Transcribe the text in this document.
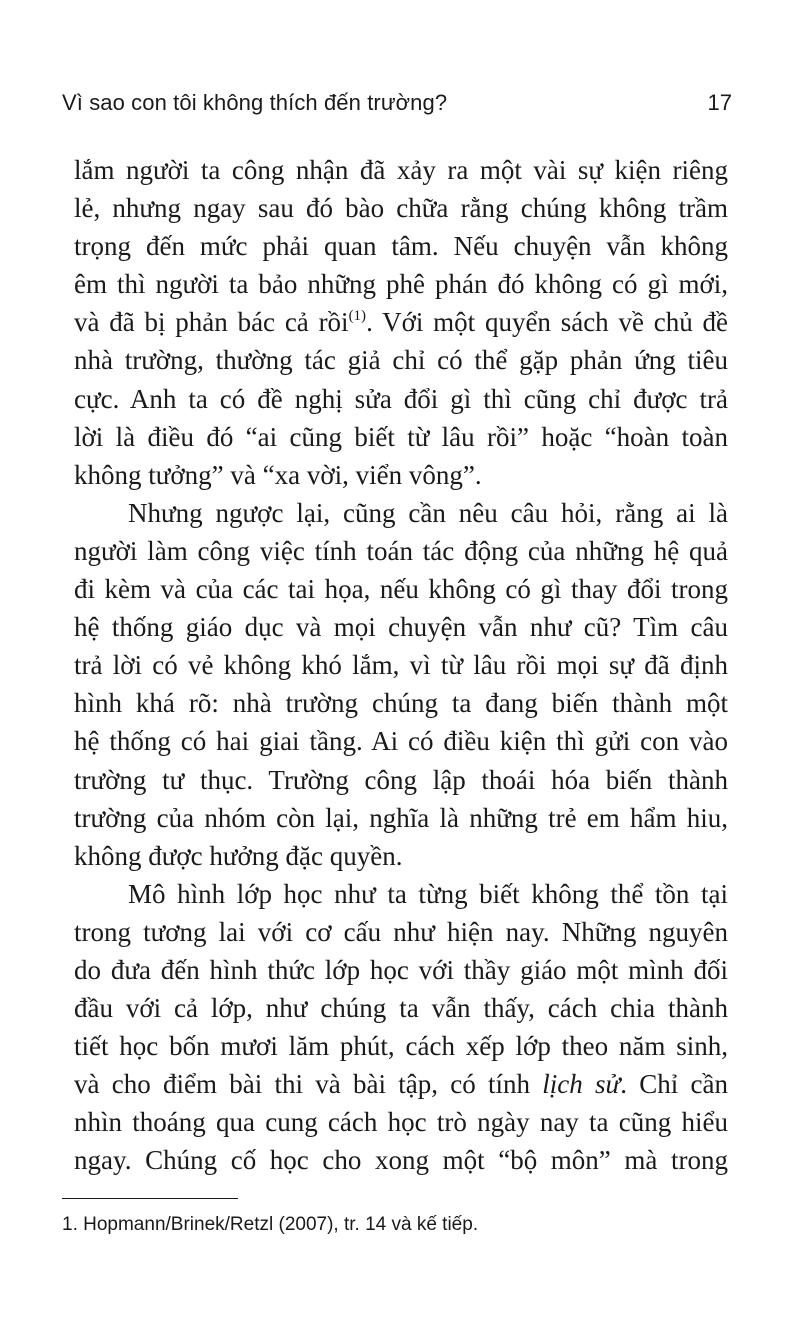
Vì sao con tôi không thích đến trường?	17
lắm người ta công nhận đã xảy ra một vài sự kiện riêng
lẻ, nhưng ngay sau đó bào chữa rằng chúng không trầm
trọng đến mức phải quan tâm. Nếu chuyện vẫn không
êm thì người ta bảo những phê phán đó không có gì mới,
và đã bị phản bác cả rồi$^{(1)}$. Với một quyển sách về chủ đề
nhà trường, thường tác giả chỉ có thể gặp phản ứng tiêu
cực. Anh ta có đề nghị sửa đổi gì thì cũng chỉ được trả
lời là điều đó “ai cũng biết từ lâu rồi” hoặc “hoàn toàn
không tưởng” và “xa vời, viển vông”.
Nhưng ngược lại, cũng cần nêu câu hỏi, rằng ai là
người làm công việc tính toán tác động của những hệ quả
đi kèm và của các tai họa, nếu không có gì thay đổi trong
hệ thống giáo dục và mọi chuyện vẫn như cũ? Tìm câu
trả lời có vẻ không khó lắm, vì từ lâu rồi mọi sự đã định
hình khá rõ: nhà trường chúng ta đang biến thành một
hệ thống có hai giai tầng. Ai có điều kiện thì gửi con vào
trường tư thục. Trường công lập thoái hóa biến thành
trường của nhóm còn lại, nghĩa là những trẻ em hẩm hiu,
không được hưởng đặc quyền.
Mô hình lớp học như ta từng biết không thể tồn tại
trong tương lai với cơ cấu như hiện nay. Những nguyên
do đưa đến hình thức lớp học với thầy giáo một mình đối
đầu với cả lớp, như chúng ta vẫn thấy, cách chia thành
tiết học bốn mươi lăm phút, cách xếp lớp theo năm sinh,
và cho điểm bài thi và bài tập, có tính lịch sử. Chỉ cần
nhìn thoáng qua cung cách học trò ngày nay ta cũng hiểu
ngay. Chúng cố học cho xong một “bộ môn” mà trong
1. Hopmann/Brinek/Retzl (2007), tr. 14 và kế tiếp.
